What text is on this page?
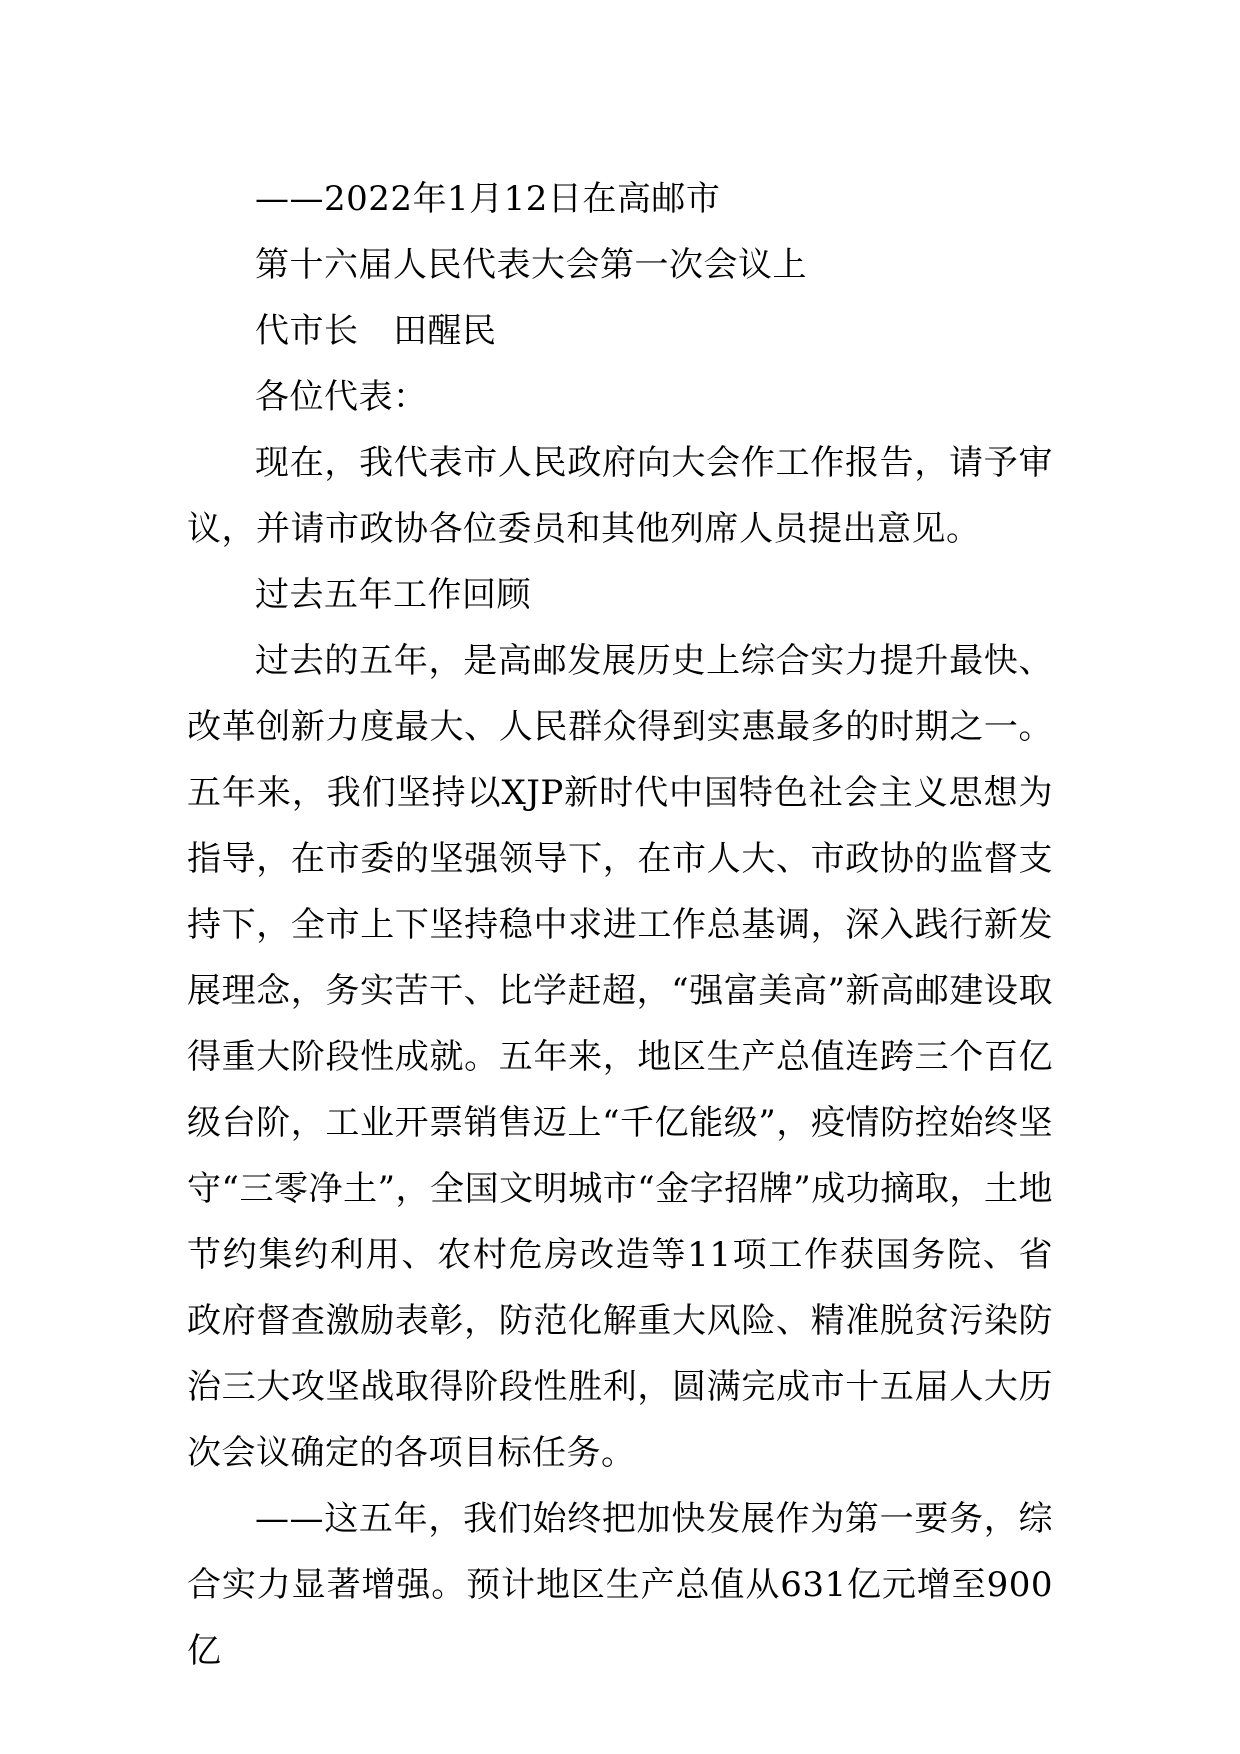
——2022年1月12日在高邮市

第十六届人民代表大会第一次会议上

代市长　田醒民

各位代表：

现在，我代表市人民政府向大会作工作报告，请予审议，并请市政协各位委员和其他列席人员提出意见。

过去五年工作回顾

过去的五年，是高邮发展历史上综合实力提升最快、改革创新力度最大、人民群众得到实惠最多的时期之一。五年来，我们坚持以XJP新时代中国特色社会主义思想为指导，在市委的坚强领导下，在市人大、市政协的监督支持下，全市上下坚持稳中求进工作总基调，深入践行新发展理念，务实苦干、比学赶超，“强富美高”新高邮建设取得重大阶段性成就。五年来，地区生产总值连跨三个百亿级台阶，工业开票销售迈上“千亿能级”，疫情防控始终坚守“三零净土”，全国文明城市“金字招牌”成功摘取，土地节约集约利用、农村危房改造等11项工作获国务院、省政府督查激励表彰，防范化解重大风险、精准脱贫污染防治三大攻坚战取得阶段性胜利，圆满完成市十五届人大历次会议确定的各项目标任务。

——这五年，我们始终把加快发展作为第一要务，综合实力显著增强。预计地区生产总值从631亿元增至900亿
